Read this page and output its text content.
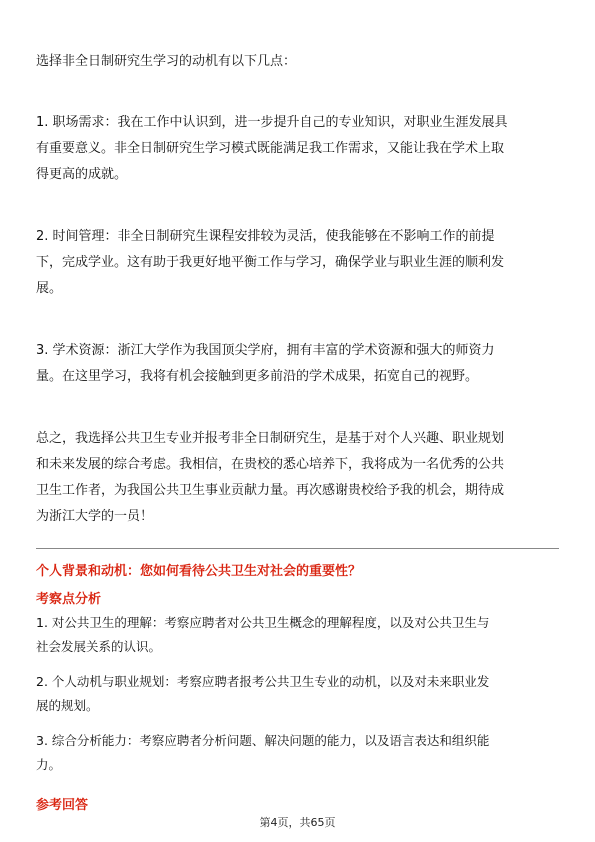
选择非全日制研究生学习的动机有以下几点：

1. 职场需求：我在工作中认识到，进一步提升自己的专业知识，对职业生涯发展具
有重要意义。非全日制研究生学习模式既能满足我工作需求，又能让我在学术上取
得更高的成就。

2. 时间管理：非全日制研究生课程安排较为灵活，使我能够在不影响工作的前提
下，完成学业。这有助于我更好地平衡工作与学习，确保学业与职业生涯的顺利发
展。

3. 学术资源：浙江大学作为我国顶尖学府，拥有丰富的学术资源和强大的师资力
量。在这里学习，我将有机会接触到更多前沿的学术成果，拓宽自己的视野。

总之，我选择公共卫生专业并报考非全日制研究生，是基于对个人兴趣、职业规划
和未来发展的综合考虑。我相信，在贵校的悉心培养下，我将成为一名优秀的公共
卫生工作者，为我国公共卫生事业贡献力量。再次感谢贵校给予我的机会，期待成
为浙江大学的一员！

个人背景和动机：您如何看待公共卫生对社会的重要性？
考察点分析

1. 对公共卫生的理解：考察应聘者对公共卫生概念的理解程度，以及对公共卫生与
社会发展关系的认识。

2. 个人动机与职业规划：考察应聘者报考公共卫生专业的动机，以及对未来职业发
展的规划。

3. 综合分析能力：考察应聘者分析问题、解决问题的能力，以及语言表达和组织能
力。

参考回答
第4页，共65页
